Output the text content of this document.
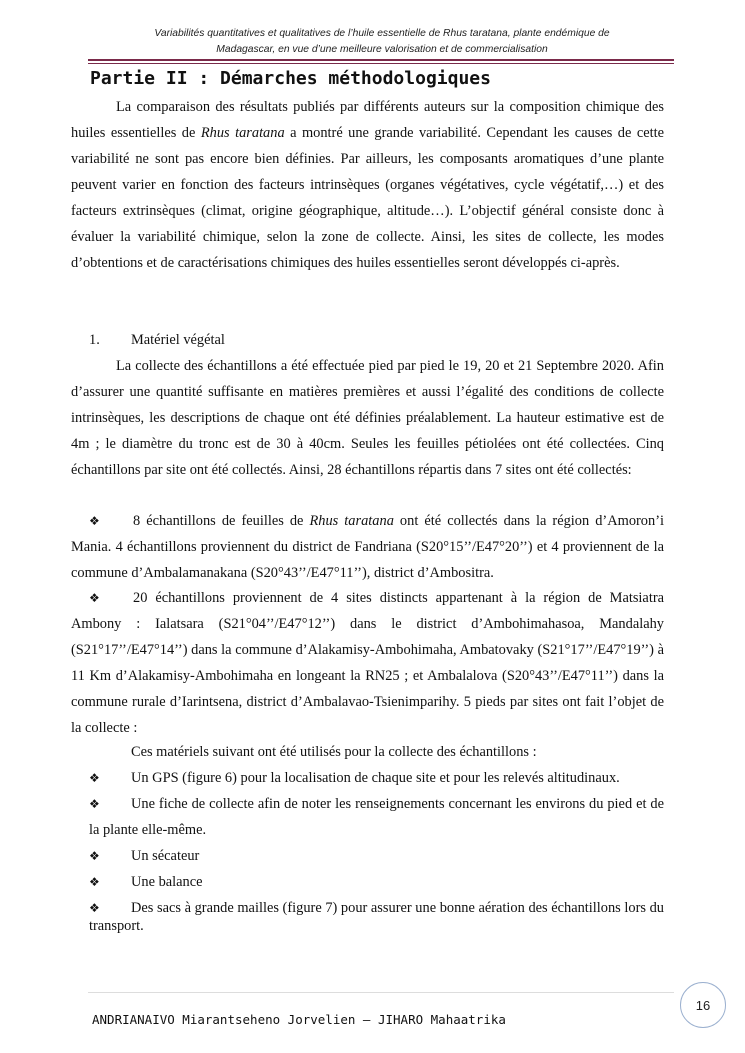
Variabilités quantitatives et qualitatives de l’huile essentielle de Rhus taratana, plante endémique de
Madagascar, en vue d’une meilleure valorisation et de commercialisation
Partie II : Démarches méthodologiques

La comparaison des résultats publiés par différents auteurs sur la composition chimique des huiles essentielles de Rhus taratana a montré une grande variabilité. Cependant les causes de cette variabilité ne sont pas encore bien définies. Par ailleurs, les composants aromatiques d’une plante peuvent varier en fonction des facteurs intrinsèques (organes végétatives, cycle végétatif,…) et des facteurs extrinsèques (climat, origine géographique, altitude…). L’objectif général consiste donc à évaluer la variabilité chimique, selon la zone de collecte. Ainsi, les sites de collecte, les modes d’obtentions et de caractérisations chimiques des huiles essentielles seront développés ci-après.

1.	Matériel végétal

La collecte des échantillons a été effectuée pied par pied le 19, 20 et 21 Septembre 2020. Afin d’assurer une quantité suffisante en matières premières et aussi l’égalité des conditions de collecte intrinsèques, les descriptions de chaque ont été définies préalablement. La hauteur estimative est de 4m ; le diamètre du tronc est de 30 à 40cm. Seules les feuilles pétiolées ont été collectées. Cinq échantillons par site ont été collectés. Ainsi, 28 échantillons répartis dans 7 sites ont été collectés:

❖ 8 échantillons de feuilles de Rhus taratana ont été collectés dans la région d’Amoron’i Mania. 4 échantillons proviennent du district de Fandriana (S20°15’’/E47°20’’) et 4 proviennent de la commune d’Ambalamanakana (S20°43’’/E47°11’’), district d’Ambositra.

❖ 20 échantillons proviennent de 4 sites distincts appartenant à la région de Matsiatra Ambony : Ialatsara (S21°04’’/E47°12’’) dans le district d’Ambohimahasoa, Mandalahy (S21°17’’/E47°14’’) dans la commune d’Alakamisy-Ambohimaha, Ambatovaky (S21°17’’/E47°19’’) à 11 Km d’Alakamisy-Ambohimaha en longeant la RN25 ; et Ambalalova (S20°43’’/E47°11’’) dans la commune rurale d’Iarintsena, district d’Ambalavao-Tsienimparihy. 5 pieds par sites ont fait l’objet de la collecte :

Ces matériels suivant ont été utilisés pour la collecte des échantillons :

❖	Un GPS (figure 6) pour la localisation de chaque site et pour les relevés altitudinaux.

❖ Une fiche de collecte afin de noter les renseignements concernant les environs du pied et de la plante elle-même.

❖	Un sécateur
❖	Une balance

❖ Des sacs à grande mailles (figure 7) pour assurer une bonne aération des échantillons lors du transport.

ANDRIANAIVO Miarantseheno Jorvelien – JIHARO Mahaatrika
16
